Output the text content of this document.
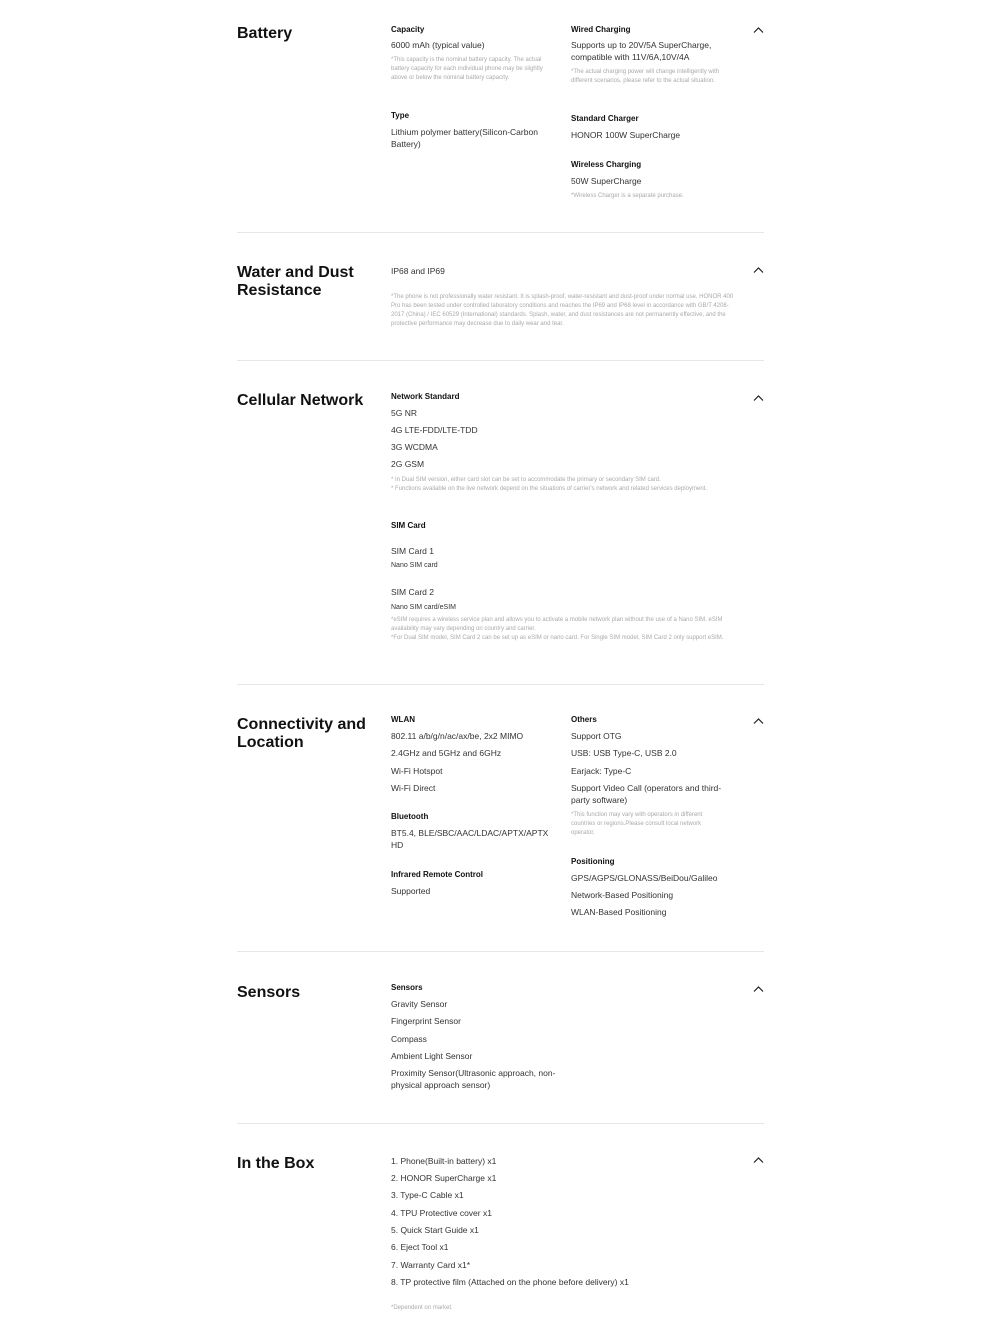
Battery	Capacity
6000 mAh (typical value)
*This capacity is the nominal battery capacity. The actual battery capacity for each individual phone may be slightly above or below the nominal battery capacity.
Type
Lithium polymer battery(Silicon-Carbon Battery)
Wired Charging
Supports up to 20V/5A SuperCharge, compatible with 11V/6A,10V/4A
*The actual charging power will change intelligently with different scenarios, please refer to the actual situation.
Standard Charger
HONOR 100W SuperCharge
Wireless Charging
50W SuperCharge
*Wireless Charger is a separate purchase.
Water and Dust Resistance
IP68 and IP69
*The phone is not professionally water resistant. It is splash-proof, water-resistant and dust-proof under normal use. HONOR 400 Pro has been tested under controlled laboratory conditions and reaches the IP69 and IP68 level in accordance with GB/T 4208-2017 (China) / IEC 60529 (International) standards. Splash, water, and dust resistances are not permanently effective, and the protective performance may decrease due to daily wear and tear.
Cellular Network	Network Standard
5G NR
4G LTE-FDD/LTE-TDD
3G WCDMA
2G GSM
* In Dual SIM version, either card slot can be set to accommodate the primary or secondary SIM card.
* Functions available on the live network depend on the situations of carrier's network and related services deployment.
SIM Card
SIM Card 1
Nano SIM card
SIM Card 2
Nano SIM card/eSIM
*eSIM requires a wireless service plan and allows you to activate a mobile network plan without the use of a Nano SIM. eSIM availability may vary depending on country and carrier.
*For Dual SIM model, SIM Card 2 can be set up as eSIM or nano card. For Single SIM model, SIM Card 2 only support eSIM.
Connectivity and Location
WLAN
802.11 a/b/g/n/ac/ax/be, 2x2 MIMO
2.4GHz and 5GHz and 6GHz
Wi-Fi Hotspot
Wi-Fi Direct
Bluetooth
BT5.4, BLE/SBC/AAC/LDAC/APTX/APTX HD
Infrared Remote Control
Supported
Others
Support OTG
USB: USB Type-C, USB 2.0
Earjack: Type-C
Support Video Call (operators and third-party software)
*This function may vary with operators in different countries or regions.Please consult local network operator.
Positioning
GPS/AGPS/GLONASS/BeiDou/Galileo
Network-Based Positioning
WLAN-Based Positioning
Sensors	Sensors
Gravity Sensor
Fingerprint Sensor
Compass
Ambient Light Sensor
Proximity Sensor(Ultrasonic approach, non-physical approach sensor)
In the Box	1. Phone(Built-in battery) x1
2. HONOR SuperCharge x1
3. Type-C Cable x1
4. TPU Protective cover x1
5. Quick Start Guide x1
6. Eject Tool x1
7. Warranty Card x1*
8. TP protective film (Attached on the phone before delivery) x1
*Dependent on market.
